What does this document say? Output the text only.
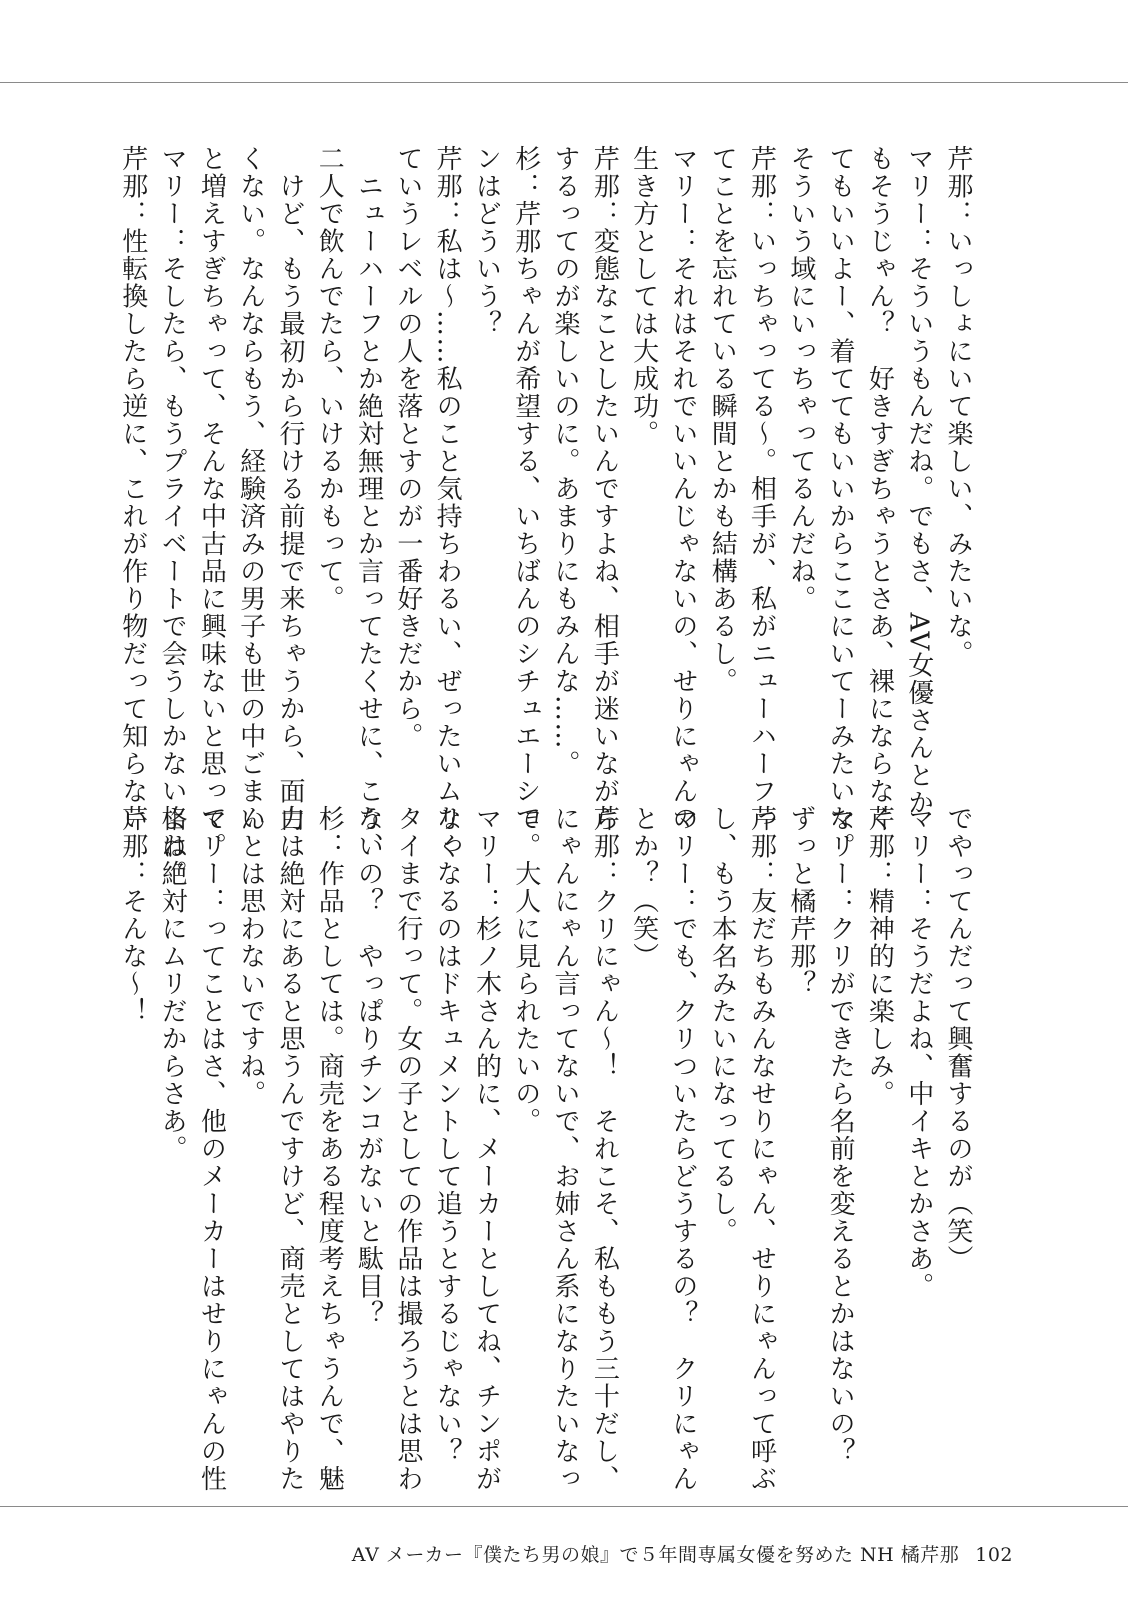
芹那：いっしょにいて楽しい、みたいな。

マリー：そういうもんだね。でもさ、AV女優さんとか

もそうじゃん？　好きすぎちゃうとさあ、裸にならなく

てもいいよー、着ててもいいからここにいてーみたいな。

そういう域にいっちゃってるんだね。

芹那：いっちゃってる〜。相手が、私がニューハーフっ

てことを忘れている瞬間とかも結構あるし。

マリー：それはそれでいいんじゃないの、せりにゃんの

生き方としては大成功。

芹那：変態なことしたいんですよね、相手が迷いながら

するってのが楽しいのに。あまりにもみんな……。

杉：芹那ちゃんが希望する、いちばんのシチュエーショ

ンはどういう？

芹那：私は〜……私のこと気持ちわるい、ぜったいムリっ

ていうレベルの人を落とすのが一番好きだから。

　ニューハーフとか絶対無理とか言ってたくせに、こう、

二人で飲んでたら、いけるかもって。

　けど、もう最初から行ける前提で来ちゃうから、面白

くない。なんならもう、経験済みの男子も世の中ごまん

と増えすぎちゃって、そんな中古品に興味ないと思って。

マリー：そしたら、もうプライベートで会うしかないよね。

芹那：性転換したら逆に、これが作り物だって知らない

でやってんだって興奮するのが（笑）

マリー：そうだよね、中イキとかさあ。

芹那：精神的に楽しみ。

マリー：クリができたら名前を変えるとかはないの？

ずっと橘芹那？

芹那：友だちもみんなせりにゃん、せりにゃんって呼ぶ

し、もう本名みたいになってるし。

マリー：でも、クリついたらどうするの？　クリにゃん

とか？（笑）

芹那：クリにゃん〜！　それこそ、私ももう三十だし、

にゃんにゃん言ってないで、お姉さん系になりたいなっ

て。大人に見られたいの。

マリー：杉ノ木さん的に、メーカーとしてね、チンポが

なくなるのはドキュメントして追うとするじゃない？

タイまで行って。女の子としての作品は撮ろうとは思わ

ないの？　やっぱりチンコがないと駄目？

杉：作品としては。商売をある程度考えちゃうんで、魅

力は絶対にあると思うんですけど、商売としてはやりた

いとは思わないですね。

マリー：ってことはさ、他のメーカーはせりにゃんの性

格は絶対にムリだからさあ。

芹那：そんな〜！

AV メーカー『僕たち男の娘』で５年間専属女優を努めた NH 橘芹那 102
